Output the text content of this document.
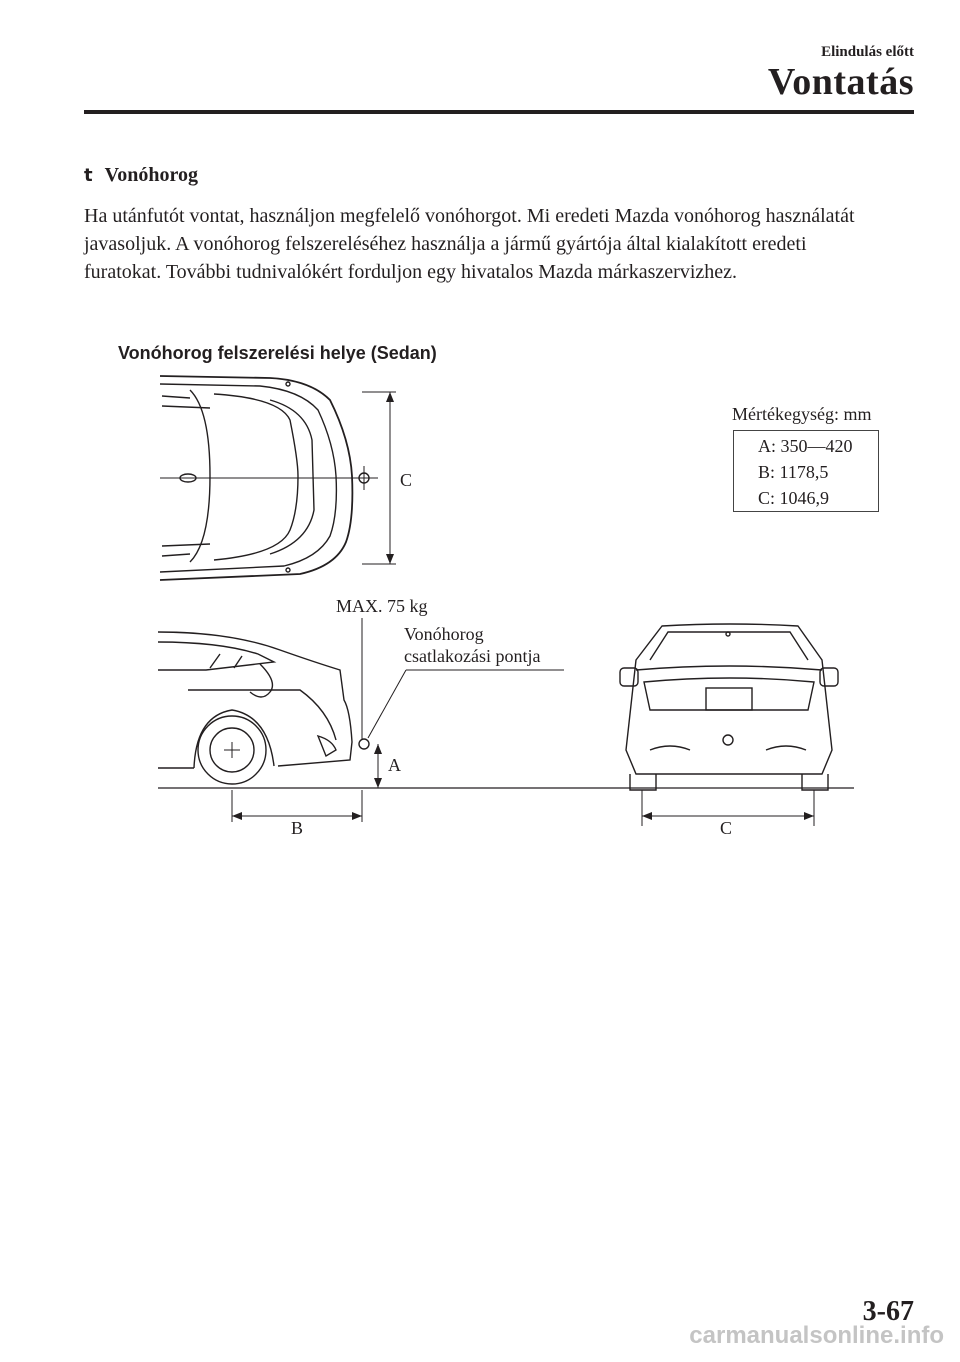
Elindulás előtt
Vontatás
t Vonóhorog
Ha utánfutót vontat, használjon megfelelő vonóhorgot. Mi eredeti Mazda vonóhorog használatát javasoljuk. A vonóhorog felszereléséhez használja a jármű gyártója által kialakított eredeti furatokat. További tudnivalókért forduljon egy hivatalos Mazda márkaszervizhez.
Vonóhorog felszerelési helye (Sedan)
Mértékegység: mm
A: 350—420
B: 1178,5
C: 1046,9
C
MAX. 75 kg
Vonóhorog
csatlakozási pontja
A
B	C
3-67
carmanualsonline.info
